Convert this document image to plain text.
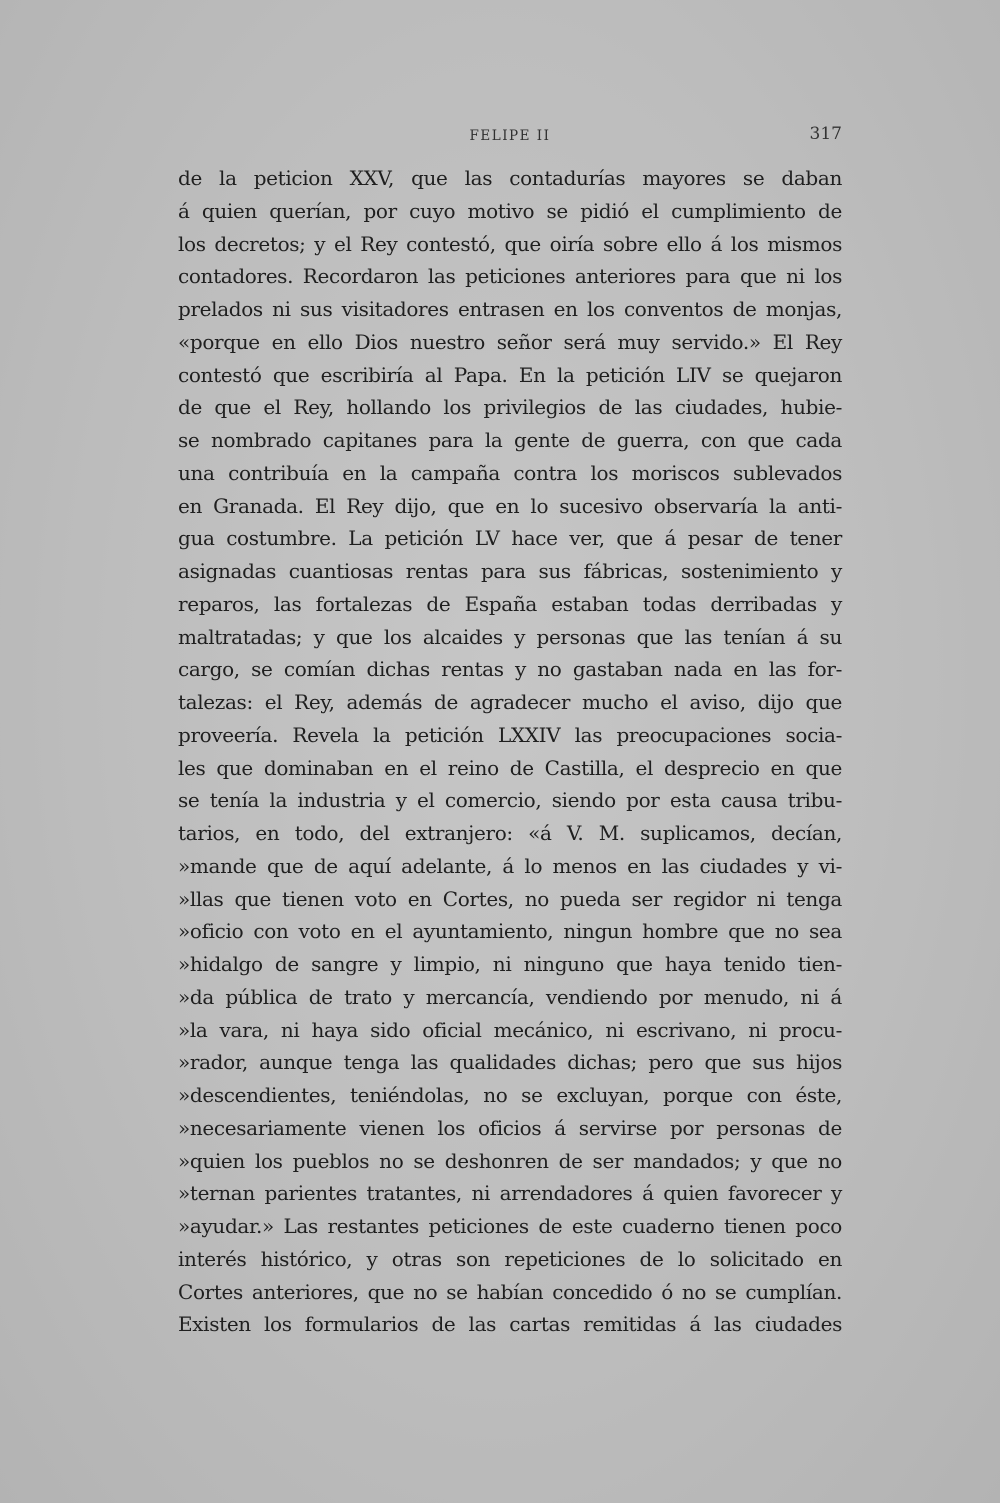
FELIPE II	317
de la peticion XXV, que las contadurías mayores se daban
á quien querían, por cuyo motivo se pidió el cumplimiento de
los decretos; y el Rey contestó, que oiría sobre ello á los mismos
contadores. Recordaron las peticiones anteriores para que ni los
prelados ni sus visitadores entrasen en los conventos de monjas,
«porque en ello Dios nuestro señor será muy servido.» El Rey
contestó que escribiría al Papa. En la petición LIV se quejaron
de que el Rey, hollando los privilegios de las ciudades, hubie-
se nombrado capitanes para la gente de guerra, con que cada
una contribuía en la campaña contra los moriscos sublevados
en Granada. El Rey dijo, que en lo sucesivo observaría la anti-
gua costumbre. La petición LV hace ver, que á pesar de tener
asignadas cuantiosas rentas para sus fábricas, sostenimiento y
reparos, las fortalezas de España estaban todas derribadas y
maltratadas; y que los alcaides y personas que las tenían á su
cargo, se comían dichas rentas y no gastaban nada en las for-
talezas: el Rey, además de agradecer mucho el aviso, dijo que
proveería. Revela la petición LXXIV las preocupaciones socia-
les que dominaban en el reino de Castilla, el desprecio en que
se tenía la industria y el comercio, siendo por esta causa tribu-
tarios, en todo, del extranjero: «á V. M. suplicamos, decían,
»mande que de aquí adelante, á lo menos en las ciudades y vi-
»llas que tienen voto en Cortes, no pueda ser regidor ni tenga
»oficio con voto en el ayuntamiento, ningun hombre que no sea
»hidalgo de sangre y limpio, ni ninguno que haya tenido tien-
»da pública de trato y mercancía, vendiendo por menudo, ni á
»la vara, ni haya sido oficial mecánico, ni escrivano, ni procu-
»rador, aunque tenga las qualidades dichas; pero que sus hijos
»descendientes, teniéndolas, no se excluyan, porque con éste,
»necesariamente vienen los oficios á servirse por personas de
»quien los pueblos no se deshonren de ser mandados; y que no
»ternan parientes tratantes, ni arrendadores á quien favorecer y
»ayudar.» Las restantes peticiones de este cuaderno tienen poco
interés histórico, y otras son repeticiones de lo solicitado en
Cortes anteriores, que no se habían concedido ó no se cumplían.
Existen los formularios de las cartas remitidas á las ciudades
